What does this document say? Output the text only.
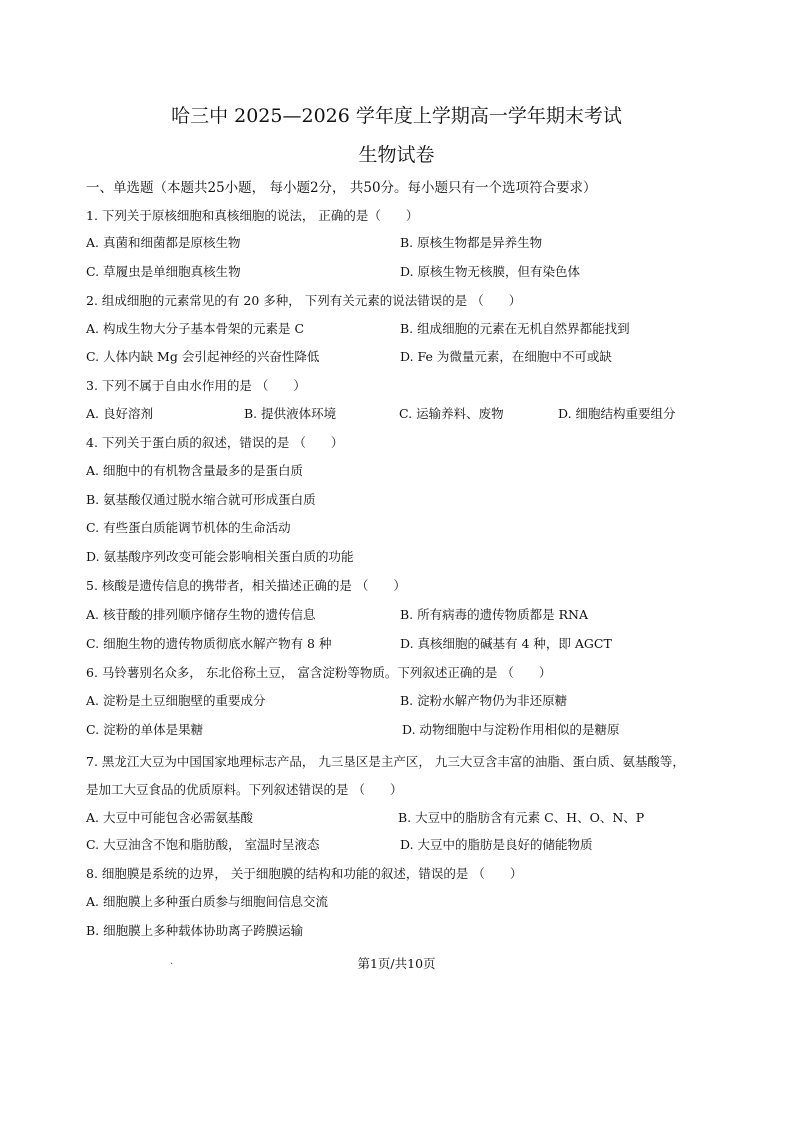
哈三中 2025—2026 学年度上学期高一学年期末考试
生物试卷
一、单选题（本题共25小题， 每小题2分， 共50分。每小题只有一个选项符合要求）
1. 下列关于原核细胞和真核细胞的说法， 正确的是（　　）
A. 真菌和细菌都是原核生物	B. 原核生物都是异养生物
C. 草履虫是单细胞真核生物	D. 原核生物无核膜，但有染色体
2. 组成细胞的元素常见的有 20 多种， 下列有关元素的说法错误的是 （　　）
A. 构成生物大分子基本骨架的元素是 C	B. 组成细胞的元素在无机自然界都能找到
C. 人体内缺 Mg 会引起神经的兴奋性降低	D. Fe 为微量元素，在细胞中不可或缺
3. 下列不属于自由水作用的是 （　　）
A. 良好溶剂	B. 提供液体环境	C. 运输养料、废物	D. 细胞结构重要组分
4. 下列关于蛋白质的叙述，错误的是 （　　）
A. 细胞中的有机物含量最多的是蛋白质
B. 氨基酸仅通过脱水缩合就可形成蛋白质
C. 有些蛋白质能调节机体的生命活动
D. 氨基酸序列改变可能会影响相关蛋白质的功能
5. 核酸是遗传信息的携带者，相关描述正确的是 （　　）
A. 核苷酸的排列顺序储存生物的遗传信息	B. 所有病毒的遗传物质都是 RNA
C. 细胞生物的遗传物质彻底水解产物有 8 种	D. 真核细胞的碱基有 4 种，即 AGCT
6. 马铃薯别名众多， 东北俗称土豆， 富含淀粉等物质。下列叙述正确的是 （　　）
A. 淀粉是土豆细胞壁的重要成分	B. 淀粉水解产物仍为非还原糖
C. 淀粉的单体是果糖	D. 动物细胞中与淀粉作用相似的是糖原
7. 黑龙江大豆为中国国家地理标志产品， 九三垦区是主产区， 九三大豆含丰富的油脂、蛋白质、氨基酸等，
是加工大豆食品的优质原料。下列叙述错误的是 （　　）
A. 大豆中可能包含必需氨基酸	B. 大豆中的脂肪含有元素 C、H、O、N、P
C. 大豆油含不饱和脂肪酸， 室温时呈液态	D. 大豆中的脂肪是良好的储能物质
8. 细胞膜是系统的边界， 关于细胞膜的结构和功能的叙述，错误的是 （　　）
A. 细胞膜上多种蛋白质参与细胞间信息交流
B. 细胞膜上多种载体协助离子跨膜运输
.	第1页/共10页
